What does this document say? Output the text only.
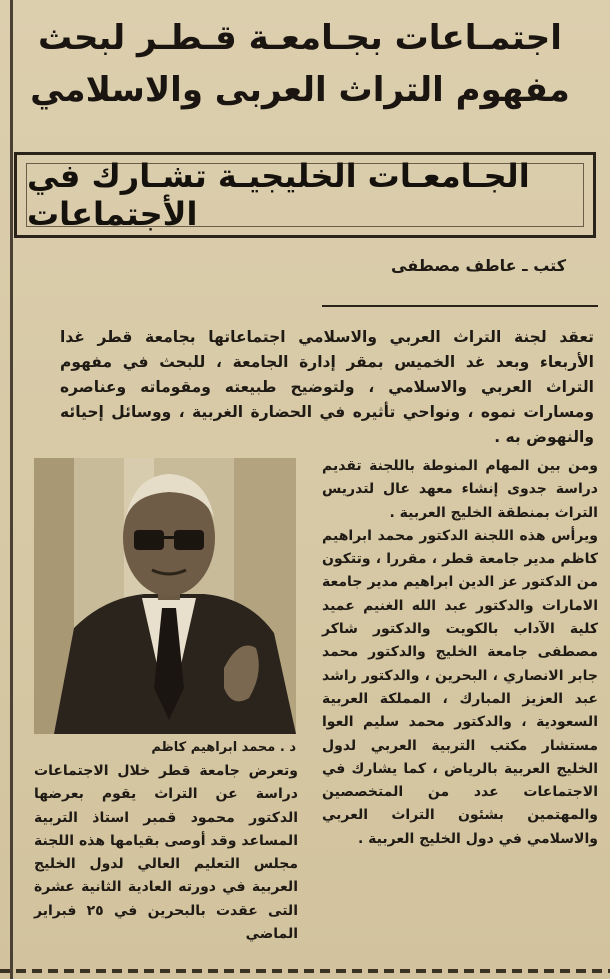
اجتمـاعات بجـامعـة قـطـر لبحث
مفهوم التراث العربى والاسلامي
الجـامعـات الخليجيـة تشـارك في الأجتماعات
كتب ـ عاطف مصطفى
تعقد لجنة التراث العربي والاسلامي اجتماعاتها بجامعة قطر غدا الأربعاء وبعد غد الخميس بمقر إدارة الجامعة ، للبحث في مفهوم التراث العربي والاسلامي ، ولتوضيح طبيعته ومقوماته وعناصره ومسارات نموه ، ونواحي تأثيره في الحضارة الغربية ، ووسائل إحيائه والنهوض به .
د . محمد ابراهيم كاظم

ومن بين المهام المنوطة باللجنة تقديم دراسة جدوى إنشاء معهد عال لتدريس التراث بمنطقة الخليج العربية .

ويرأس هذه اللجنة الدكتور محمد ابراهيم كاظم مدير جامعة قطر ، مقررا ، وتتكون من الدكتور عز الدين ابراهيم مدير جامعة الامارات والدكتور عبد الله الغنيم عميد كلية الآداب بالكويت والدكتور شاكر مصطفى جامعة الخليج والدكتور محمد جابر الانصاري ، البحرين ، والدكتور راشد عبد العزيز المبارك ، المملكة العربية السعودية ، والدكتور محمد سليم العوا مستشار مكتب التربية العربي لدول الخليج العربية بالرياض ، كما يشارك في الاجتماعات عدد من المتخصصين والمهتمين بشئون التراث العربي والاسلامي في دول الخليج العربية .

وتعرض جامعة قطر خلال الاجتماعات دراسة عن التراث يقوم بعرضها الدكتور محمود قمبر استاذ التربية المساعد وقد أوصى بقيامها هذه اللجنة مجلس التعليم العالي لدول الخليج العربية في دورته العادية الثانية عشرة التى عقدت بالبحرين في ٢٥ فبراير الماضي
